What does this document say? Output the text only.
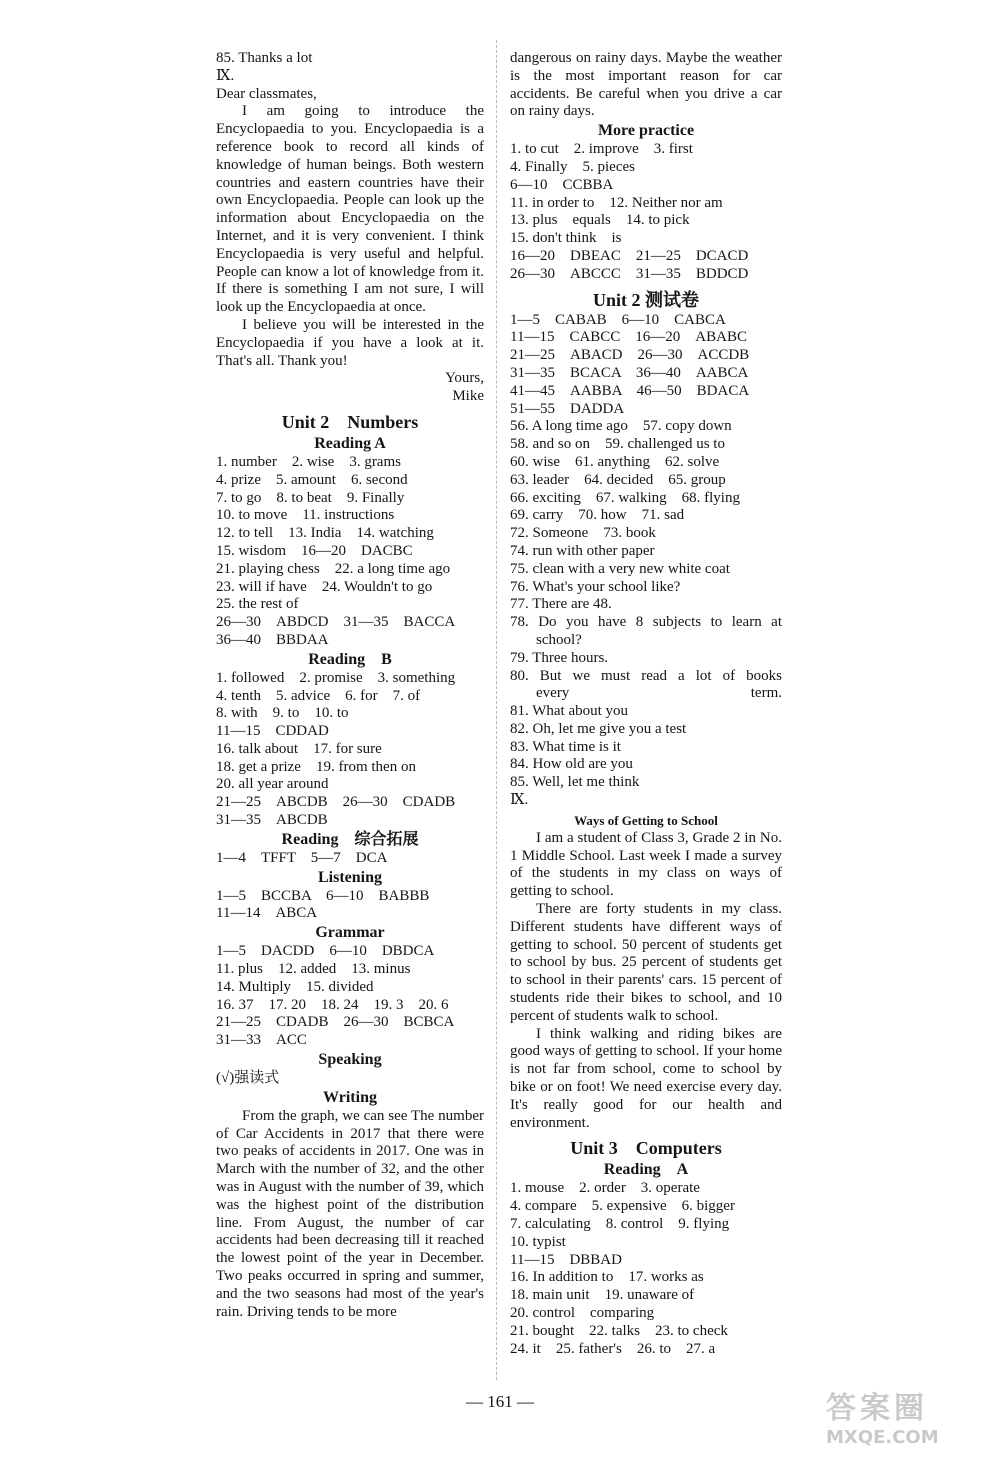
85. Thanks a lot
Ⅸ.
Dear classmates,
I am going to introduce the Encyclopaedia to you. Encyclopaedia is a reference book to record all kinds of knowledge of human beings. Both western countries and eastern countries have their own Encyclopaedia. People can look up the information about Encyclopaedia on the Internet, and it is very convenient. I think Encyclopaedia is very useful and helpful. People can know a lot of knowledge from it. If there is something I am not sure, I will look up the Encyclopaedia at once.
I believe you will be interested in the Encyclopaedia if you have a look at it. That's all. Thank you!
Yours,
Mike
Unit 2　Numbers
Reading A
1. number　2. wise　3. grams
4. prize　5. amount　6. second
7. to go　8. to beat　9. Finally
10. to move　11. instructions
12. to tell　13. India　14. watching
15. wisdom　16—20　DACBC
21. playing chess　22. a long time ago
23. will if have　24. Wouldn't to go
25. the rest of
26—30　ABDCD　31—35　BACCA
36—40　BBDAA
Reading　B
1. followed　2. promise　3. something
4. tenth　5. advice　6. for　7. of
8. with　9. to　10. to
11—15　CDDAD
16. talk about　17. for sure
18. get a prize　19. from then on
20. all year around
21—25　ABCDB　26—30　CDADB
31—35　ABCDB
Reading　综合拓展
1—4　TFFT　5—7　DCA
Listening
1—5　BCCBA　6—10　BABBB
11—14　ABCA
Grammar
1—5　DACDD　6—10　DBDCA
11. plus　12. added　13. minus
14. Multiply　15. divided
16. 37　17. 20　18. 24　19. 3　20. 6
21—25　CDADB　26—30　BCBCA
31—33　ACC
Speaking
(√)强读式
Writing
From the graph, we can see The number of Car Accidents in 2017 that there were two peaks of accidents in 2017. One was in March with the number of 32, and the other was in August with the number of 39, which was the highest point of the distribution line. From August, the number of car accidents had been decreasing till it reached the lowest point of the year in December. Two peaks occurred in spring and summer, and the two seasons had most of the year's rain. Driving tends to be more
dangerous on rainy days. Maybe the weather is the most important reason for car accidents. Be careful when you drive a car on rainy days.
More practice
1. to cut　2. improve　3. first
4. Finally　5. pieces
6—10　CCBBA
11. in order to　12. Neither nor am
13. plus　equals　14. to pick
15. don't think　is
16—20　DBEAC　21—25　DCACD
26—30　ABCCC　31—35　BDDCD
Unit 2 测试卷
1—5　CABAB　6—10　CABCA
11—15　CABCC　16—20　ABABC
21—25　ABACD　26—30　ACCDB
31—35　BCACA　36—40　AABCA
41—45　AABBA　46—50　BDACA
51—55　DADDA
56. A long time ago　57. copy down
58. and so on　59. challenged us to
60. wise　61. anything　62. solve
63. leader　64. decided　65. group
66. exciting　67. walking　68. flying
69. carry　70. how　71. sad
72. Someone　73. book
74. run with other paper
75. clean with a very new white coat
76. What's your school like?
77. There are 48.
78. Do you have 8 subjects to learn at
school?
79. Three hours.
80. But we must read a lot of books
every term.
81. What about you
82. Oh, let me give you a test
83. What time is it
84. How old are you
85. Well, let me think
Ⅸ.
Ways of Getting to School
I am a student of Class 3, Grade 2 in No. 1 Middle School. Last week I made a survey of the students in my class on ways of getting to school.
There are forty students in my class. Different students have different ways of getting to school. 50 percent of students get to school by bus. 25 percent of students get to school in their parents' cars. 15 percent of students ride their bikes to school, and 10 percent of students walk to school.
I think walking and riding bikes are good ways of getting to school. If your home is not far from school, come to school by bike or on foot! We need exercise every day. It's really good for our health and environment.
Unit 3　Computers
Reading　A
1. mouse　2. order　3. operate
4. compare　5. expensive　6. bigger
7. calculating　8. control　9. flying
10. typist
11—15　DBBAD
16. In addition to　17. works as
18. main unit　19. unaware of
20. control　comparing
21. bought　22. talks　23. to check
24. it　25. father's　26. to　27. a
— 161 —	答案圈
MXQE.COM
